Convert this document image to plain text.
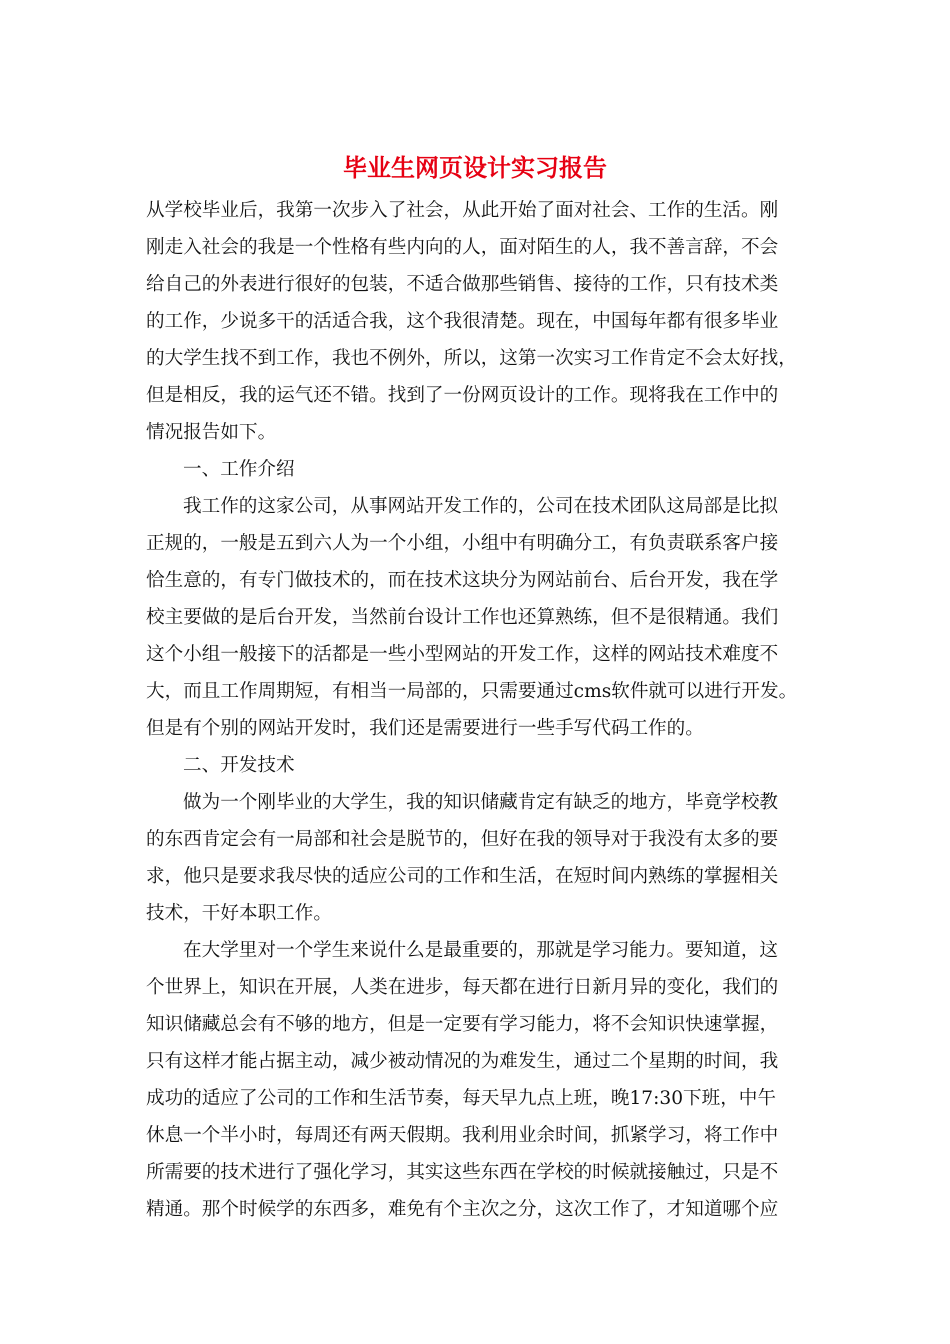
毕业生网页设计实习报告

从学校毕业后，我第一次步入了社会，从此开始了面对社会、工作的生活。刚

刚走入社会的我是一个性格有些内向的人，面对陌生的人，我不善言辞，不会

给自己的外表进行很好的包装，不适合做那些销售、接待的工作，只有技术类

的工作，少说多干的活适合我，这个我很清楚。现在，中国每年都有很多毕业

的大学生找不到工作，我也不例外，所以，这第一次实习工作肯定不会太好找，

但是相反，我的运气还不错。找到了一份网页设计的工作。现将我在工作中的

情况报告如下。

一、工作介绍

我工作的这家公司，从事网站开发工作的，公司在技术团队这局部是比拟

正规的，一般是五到六人为一个小组，小组中有明确分工，有负责联系客户接

恰生意的，有专门做技术的，而在技术这块分为网站前台、后台开发，我在学

校主要做的是后台开发，当然前台设计工作也还算熟练，但不是很精通。我们

这个小组一般接下的活都是一些小型网站的开发工作，这样的网站技术难度不

大，而且工作周期短，有相当一局部的，只需要通过cms软件就可以进行开发。

但是有个别的网站开发时，我们还是需要进行一些手写代码工作的。

二、开发技术

做为一个刚毕业的大学生，我的知识储藏肯定有缺乏的地方，毕竟学校教

的东西肯定会有一局部和社会是脱节的，但好在我的领导对于我没有太多的要

求，他只是要求我尽快的适应公司的工作和生活，在短时间内熟练的掌握相关

技术，干好本职工作。

在大学里对一个学生来说什么是最重要的，那就是学习能力。要知道，这

个世界上，知识在开展，人类在进步，每天都在进行日新月异的变化，我们的

知识储藏总会有不够的地方，但是一定要有学习能力，将不会知识快速掌握，

只有这样才能占据主动，减少被动情况的为难发生，通过二个星期的时间，我

成功的适应了公司的工作和生活节奏，每天早九点上班，晚17:30下班，中午

休息一个半小时，每周还有两天假期。我利用业余时间，抓紧学习，将工作中

所需要的技术进行了强化学习，其实这些东西在学校的时候就接触过，只是不

精通。那个时候学的东西多，难免有个主次之分，这次工作了，才知道哪个应
